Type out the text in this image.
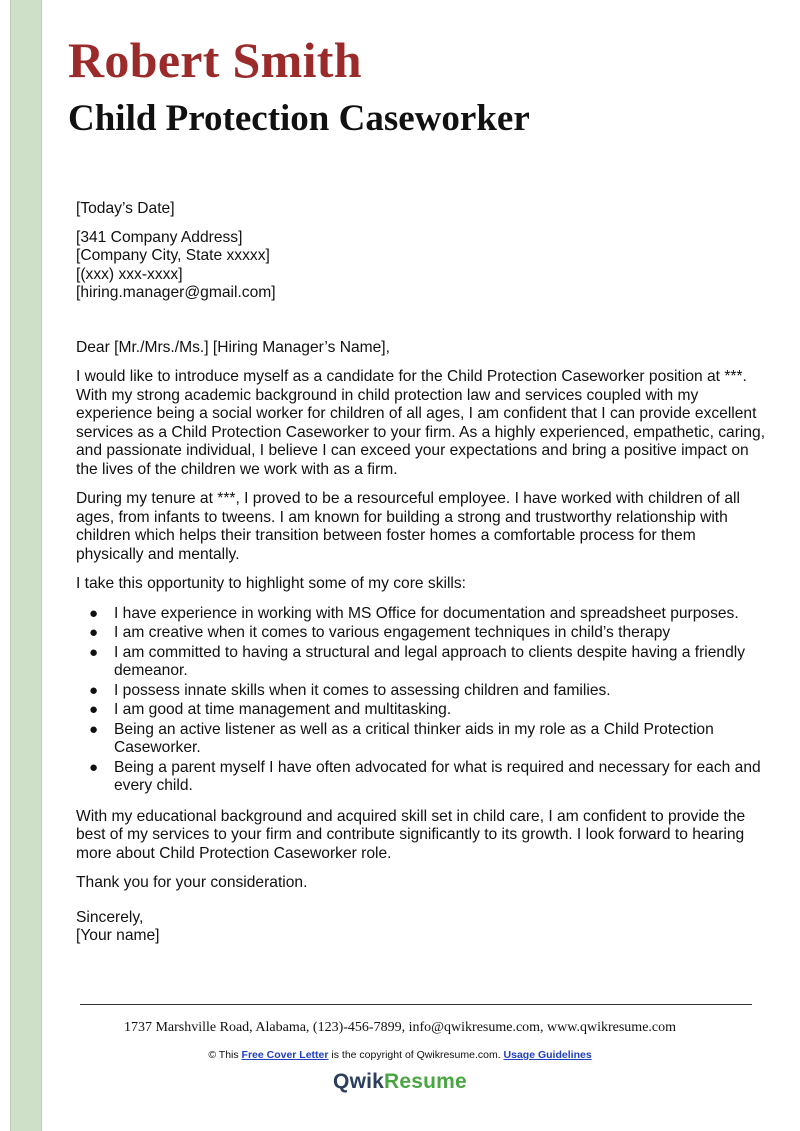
Robert Smith
Child Protection Caseworker

[Today’s Date]

[341 Company Address]

[Company City, State xxxxx]

[(xxx) xxx-xxxx]

[hiring.manager@gmail.com]

Dear [Mr./Mrs./Ms.] [Hiring Manager’s Name],

I would like to introduce myself as a candidate for the Child Protection Caseworker position at ***. With my strong academic background in child protection law and services coupled with my experience being a social worker for children of all ages, I am confident that I can provide excellent services as a Child Protection Caseworker to your firm. As a highly experienced, empathetic, caring, and passionate individual, I believe I can exceed your expectations and bring a positive impact on the lives of the children we work with as a firm.

During my tenure at ***, I proved to be a resourceful employee. I have worked with children of all ages, from infants to tweens. I am known for building a strong and trustworthy relationship with children which helps their transition between foster homes a comfortable process for them physically and mentally.

I take this opportunity to highlight some of my core skills:

● I have experience in working with MS Office for documentation and spreadsheet purposes.
● I am creative when it comes to various engagement techniques in child’s therapy
● I am committed to having a structural and legal approach to clients despite having a friendly demeanor.
● I possess innate skills when it comes to assessing children and families.
● I am good at time management and multitasking.
● Being an active listener as well as a critical thinker aids in my role as a Child Protection Caseworker.
● Being a parent myself I have often advocated for what is required and necessary for each and every child.

With my educational background and acquired skill set in child care, I am confident to provide the best of my services to your firm and contribute significantly to its growth. I look forward to hearing more about Child Protection Caseworker role.

Thank you for your consideration.

Sincerely,

[Your name]

1737 Marshville Road, Alabama, (123)-456-7899, info@qwikresume.com, www.qwikresume.com
© This Free Cover Letter is the copyright of Qwikresume.com. Usage Guidelines
QwikResume
